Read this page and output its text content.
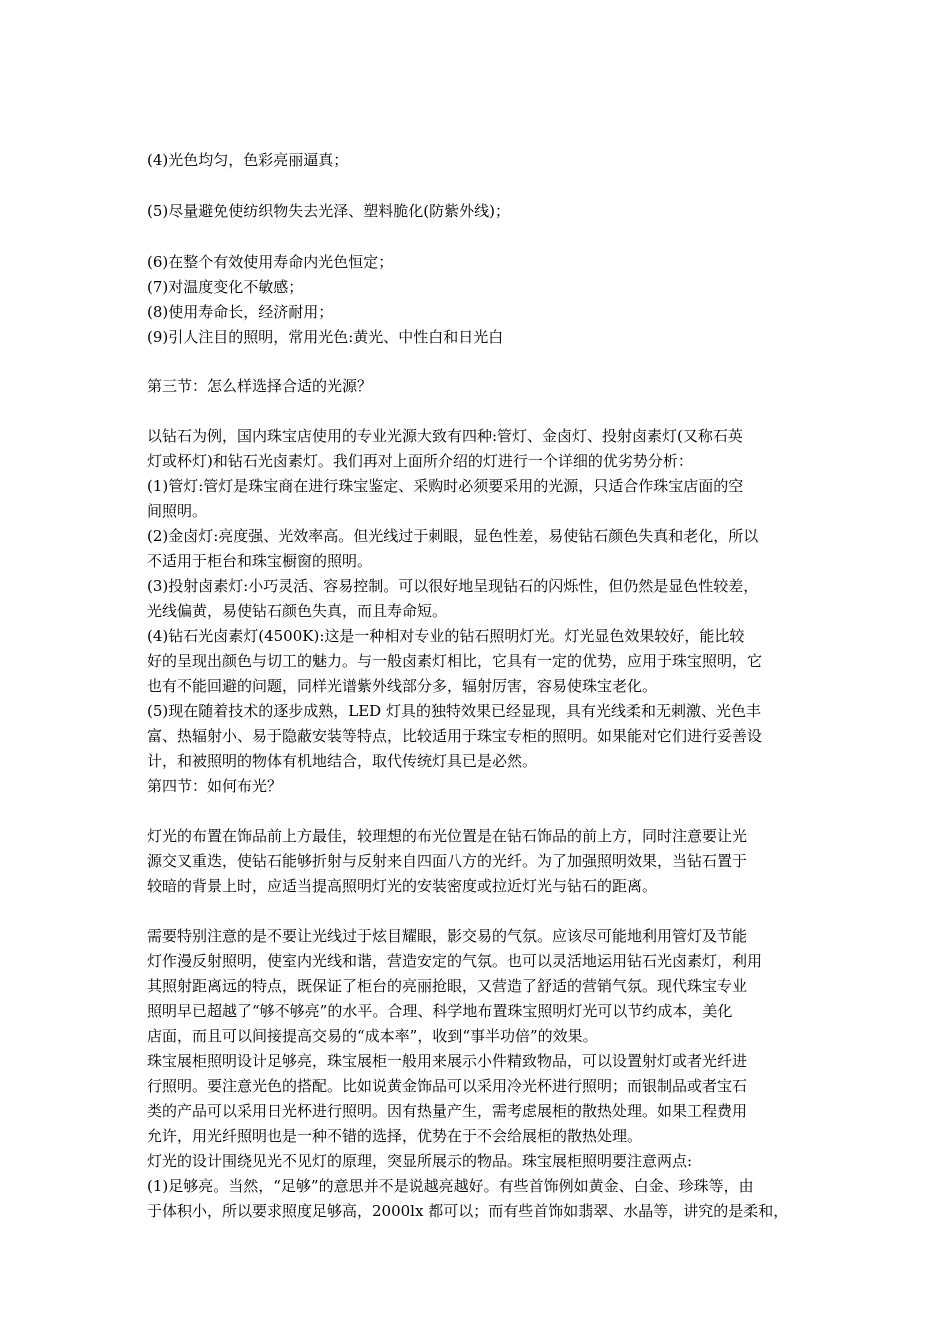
(4)光色均匀，色彩亮丽逼真；
(5)尽量避免使纺织物失去光泽、塑料脆化(防紫外线)；
(6)在整个有效使用寿命内光色恒定；
(7)对温度变化不敏感；
(8)使用寿命长，经济耐用；
(9)引人注目的照明，常用光色:黄光、中性白和日光白
第三节：怎么样选择合适的光源？
以钻石为例，国内珠宝店使用的专业光源大致有四种:管灯、金卤灯、投射卤素灯(又称石英
灯或杯灯)和钻石光卤素灯。我们再对上面所介绍的灯进行一个详细的优劣势分析：
(1)管灯:管灯是珠宝商在进行珠宝鉴定、采购时必须要采用的光源，只适合作珠宝店面的空
间照明。
(2)金卤灯:亮度强、光效率高。但光线过于刺眼，显色性差，易使钻石颜色失真和老化，所以
不适用于柜台和珠宝橱窗的照明。
(3)投射卤素灯:小巧灵活、容易控制。可以很好地呈现钻石的闪烁性，但仍然是显色性较差，
光线偏黄，易使钻石颜色失真，而且寿命短。
(4)钻石光卤素灯(4500K):这是一种相对专业的钻石照明灯光。灯光显色效果较好，能比较
好的呈现出颜色与切工的魅力。与一般卤素灯相比，它具有一定的优势，应用于珠宝照明，它
也有不能回避的问题，同样光谱紫外线部分多，辐射厉害，容易使珠宝老化。
(5)现在随着技术的逐步成熟，LED 灯具的独特效果已经显现，具有光线柔和无刺激、光色丰
富、热辐射小、易于隐蔽安装等特点，比较适用于珠宝专柜的照明。如果能对它们进行妥善设
计，和被照明的物体有机地结合，取代传统灯具已是必然。
第四节：如何布光？
灯光的布置在饰品前上方最佳，较理想的布光位置是在钻石饰品的前上方，同时注意要让光
源交叉重迭，使钻石能够折射与反射来自四面八方的光纤。为了加强照明效果，当钻石置于
较暗的背景上时，应适当提高照明灯光的安装密度或拉近灯光与钻石的距离。
需要特别注意的是不要让光线过于炫目耀眼，影交易的气氛。应该尽可能地利用管灯及节能
灯作漫反射照明，使室内光线和谐，营造安定的气氛。也可以灵活地运用钻石光卤素灯，利用
其照射距离远的特点，既保证了柜台的亮丽抢眼，又营造了舒适的营销气氛。现代珠宝专业
照明早已超越了“够不够亮”的水平。合理、科学地布置珠宝照明灯光可以节约成本，美化
店面，而且可以间接提高交易的“成本率”，收到“事半功倍”的效果。
珠宝展柜照明设计足够亮，珠宝展柜一般用来展示小件精致物品，可以设置射灯或者光纤进
行照明。要注意光色的搭配。比如说黄金饰品可以采用冷光杯进行照明；而银制品或者宝石
类的产品可以采用日光杯进行照明。因有热量产生，需考虑展柜的散热处理。如果工程费用
允许，用光纤照明也是一种不错的选择，优势在于不会给展柜的散热处理。
灯光的设计围绕见光不见灯的原理，突显所展示的物品。珠宝展柜照明要注意两点:
(1)足够亮。当然，“足够”的意思并不是说越亮越好。有些首饰例如黄金、白金、珍珠等，由
于体积小，所以要求照度足够高，2000lx 都可以；而有些首饰如翡翠、水晶等，讲究的是柔和，
